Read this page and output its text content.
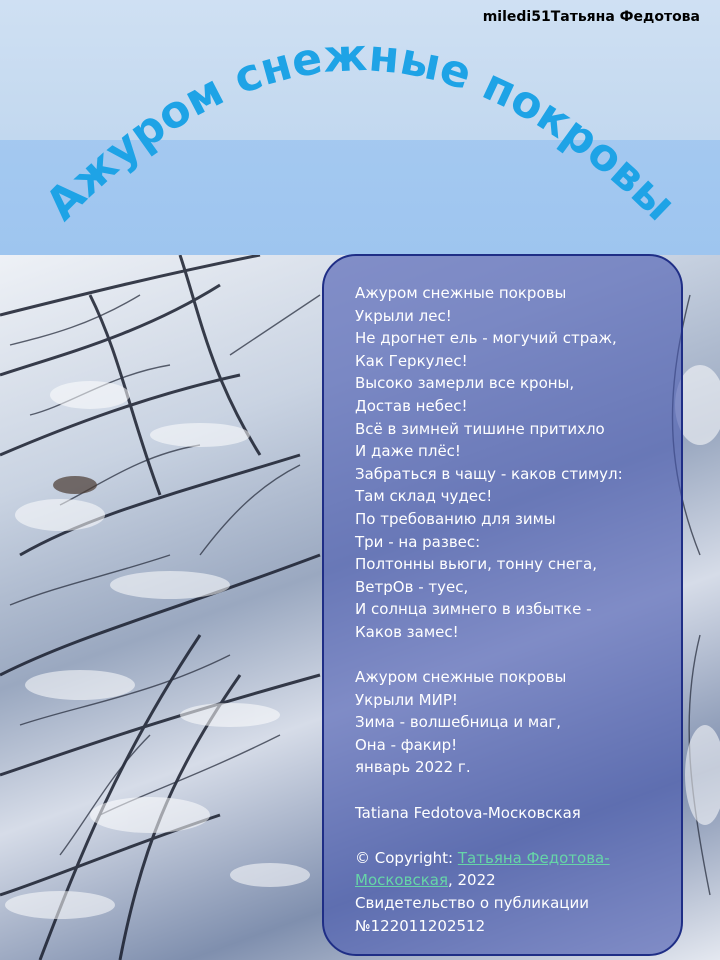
miledi51Татьяна Федотова
Ажуром снежные покровы
Ажуром снежные покровы
Укрыли лес!
Не дрогнет ель - могучий страж,
Как Геркулес!
Высоко замерли все кроны,
Достав небес!
Всё в зимней тишине притихло
И даже плёс!
Забраться в чащу - каков стимул:
Там склад чудес!
По требованию для зимы
Три - на развес:
Полтонны вьюги, тонну снега,
ВетрОв - туес,
И солнца зимнего в избытке -
Каков замес!
Ажуром снежные покровы
Укрыли МИР!
Зима - волшебница и маг,
Она - факир!
январь 2022 г.
Tatiana Fedotova-Московская
© Copyright: Татьяна Федотова-
Московская, 2022
Свидетельство о публикации
№122011202512
